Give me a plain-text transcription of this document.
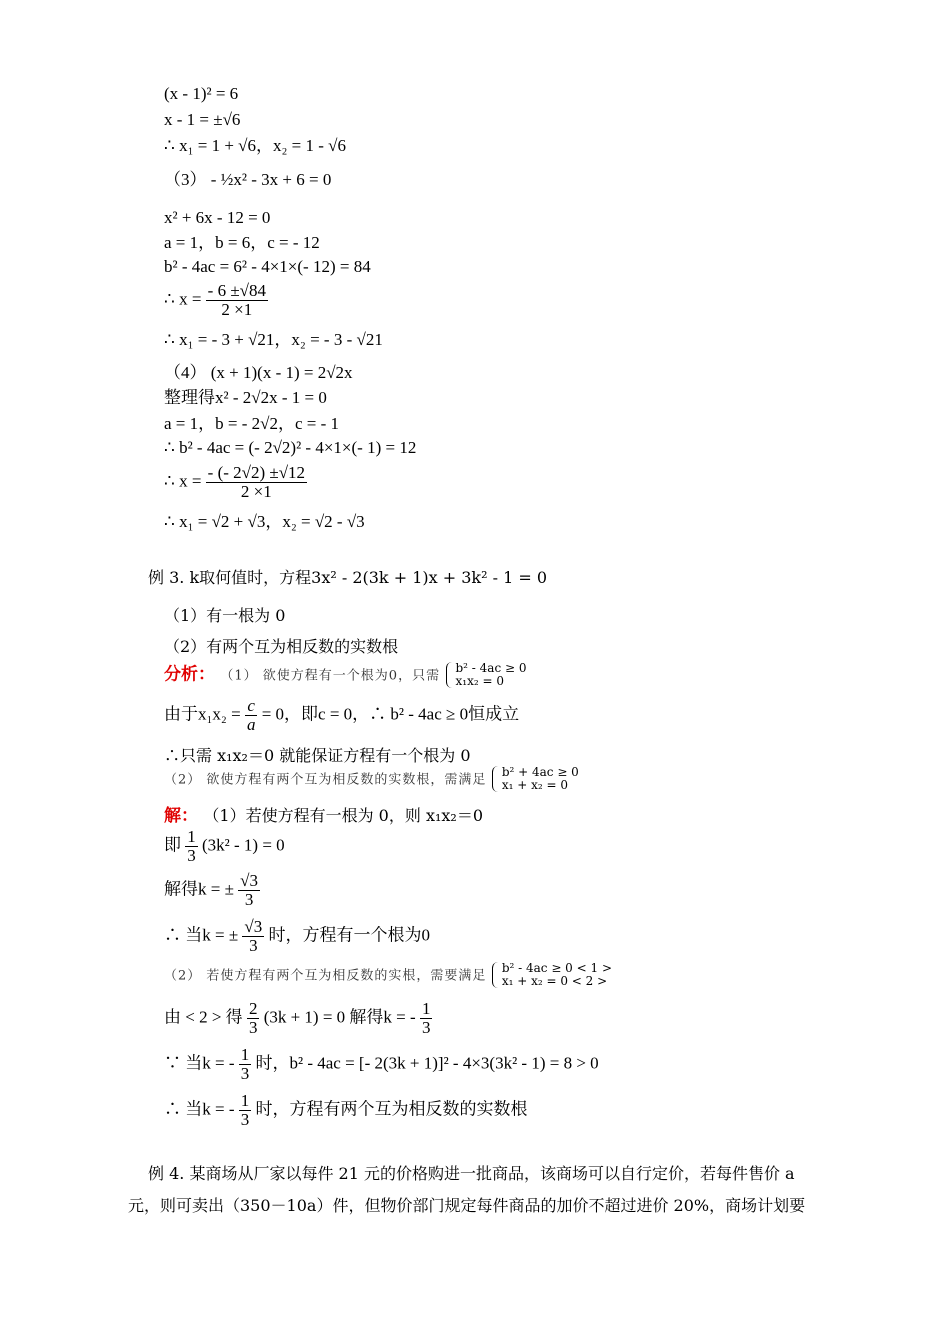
(x - 1)² = 6
x - 1 = ±√6
∴ x₁ = 1 + √6，x₂ = 1 - √6
（3） - ½x² - 3x + 6 = 0
x² + 6x - 12 = 0
a = 1，b = 6，c = - 12
b² - 4ac = 6² - 4×1×(- 12) = 84
∴ $x = \frac{- 6 \pm√84}{2 \times 1}$
∴ x₁ = - 3 + √21，x₂ = - 3 - √21
（4） (x + 1)(x - 1) = 2√2x
整理得x² - 2√2x - 1 = 0
a = 1，b = - 2√2，c = - 1
∴ b² - 4ac = (- 2√2)² - 4×1×(- 1) = 12
∴ $x = \frac{- (- 2√2) \pm√12}{2 \times 1}$
∴ x₁ = √2 + √3，x₂ = √2 - √3
例 3. k取何值时，方程3x² - 2(3k + 1)x + 3k² - 1 = 0
（1）有一根为 0
（2）有两个互为相反数的实数根
分析： （1） 欲使方程有一个根为0，只需
b² - 4ac ≥ 0
x₁x₂ = 0
由于$x_1x_2 = \frac{c}{a} = 0$，即c = 0，∴ b² - 4ac ≥ 0恒成立
∴只需 x₁x₂＝0 就能保证方程有一个根为 0
（2） 欲使方程有两个互为相反数的实数根，需满足
b² + 4ac ≥ 0
x₁ + x₂ = 0
解： （1）若使方程有一根为 0，则 x₁x₂＝0
即 $\frac{1}{3} (3k^2 - 1) = 0$
解得k = ± $\frac{√3}{3}$
∴ 当k = ± $\frac{√3}{3}$ 时，方程有一个根为0
（2） 若使方程有两个互为相反数的实根，需要满足
b² - 4ac ≥ 0 < 1 >
x₁ + x₂ = 0 < 2 >
由 < 2 > 得 $\frac{2}{3} (3k + 1) = 0$ 解得k = - $\frac{1}{3}$
∵ 当k = - $\frac{1}{3}$ 时，b² - 4ac = [- 2(3k + 1)]² - 4×3(3k² - 1) = 8 > 0
∴ 当k = - $\frac{1}{3}$ 时，方程有两个互为相反数的实数根
例 4. 某商场从厂家以每件 21 元的价格购进一批商品，该商场可以自行定价，若每件售价 a
元，则可卖出（350－10a）件，但物价部门规定每件商品的加价不超过进价 20%，商场计划要
